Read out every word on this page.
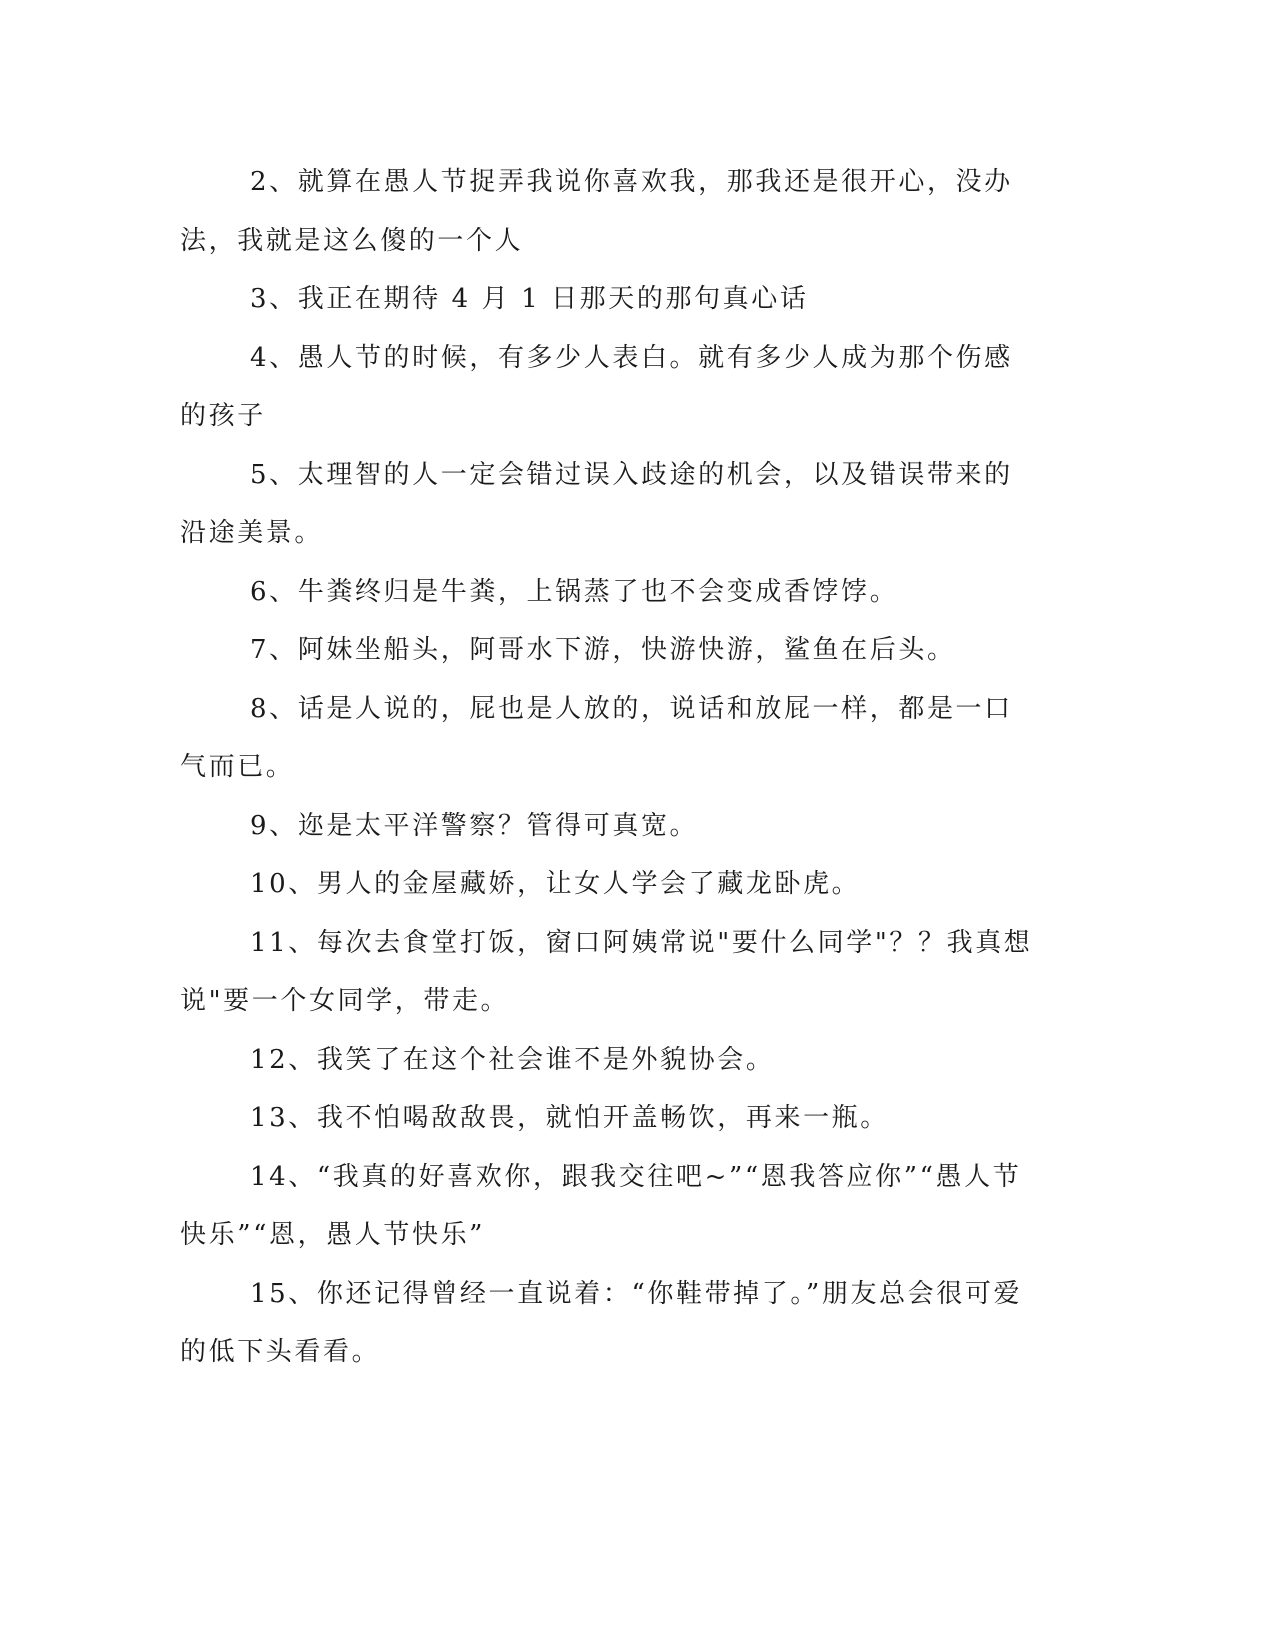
2、就算在愚人节捉弄我说你喜欢我，那我还是很开心，没办法，我就是这么傻的一个人

3、我正在期待 4 月 1 日那天的那句真心话

4、愚人节的时候，有多少人表白。就有多少人成为那个伤感的孩子

5、太理智的人一定会错过误入歧途的机会，以及错误带来的沿途美景。

6、牛粪终归是牛粪，上锅蒸了也不会变成香饽饽。

7、阿妹坐船头，阿哥水下游，快游快游，鲨鱼在后头。

8、话是人说的，屁也是人放的，说话和放屁一样，都是一口气而已。

9、迩是太平洋警察？管得可真宽。

10、男人的金屋藏娇，让女人学会了藏龙卧虎。

11、每次去食堂打饭，窗口阿姨常说"要什么同学"？？我真想说"要一个女同学，带走。

12、我笑了在这个社会谁不是外貌协会。

13、我不怕喝敌敌畏，就怕开盖畅饮，再来一瓶。

14、“我真的好喜欢你，跟我交往吧~”“恩我答应你”“愚人节快乐”“恩，愚人节快乐”

15、你还记得曾经一直说着：“你鞋带掉了。”朋友总会很可爱的低下头看看。
